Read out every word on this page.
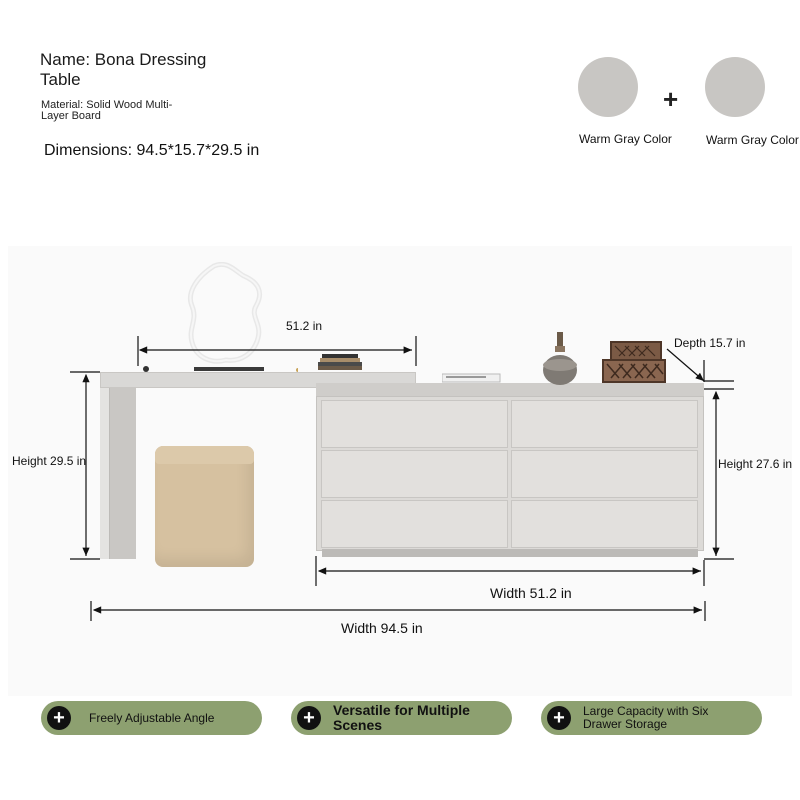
Name: Bona Dressing Table
Material: Solid Wood Multi-Layer Board
Dimensions: 94.5*15.7*29.5 in
Warm Gray Color
+
Warm Gray Color
51.2 in
Depth 15.7 in
Height 29.5 in	Height 27.6 in
Width 51.2 in
Width 94.5 in
+	Freely Adjustable Angle	+	Versatile for Multiple Scenes	+	Large Capacity with Six Drawer Storage
